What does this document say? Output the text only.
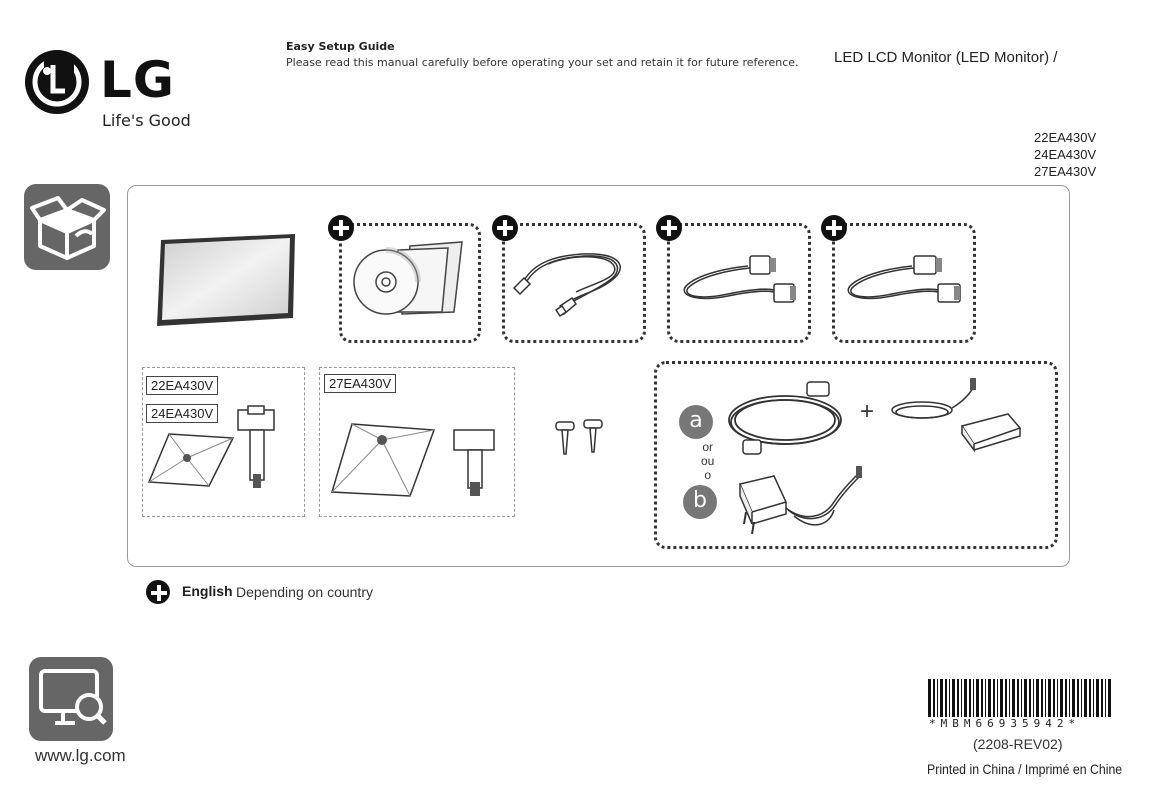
LG
Life's Good
Easy Setup Guide
Please read this manual carefully before operating your set and retain it for future reference. LED LCD Monitor (LED Monitor) /
22EA430V
24EA430V
27EA430V
22EA430V
24EA430V
27EA430V
+
a
or
ou
o
b
English Depending on country
www.lg.com
*MBM66935942*
(2208-REV02)
Printed in China / Imprimé en Chine
